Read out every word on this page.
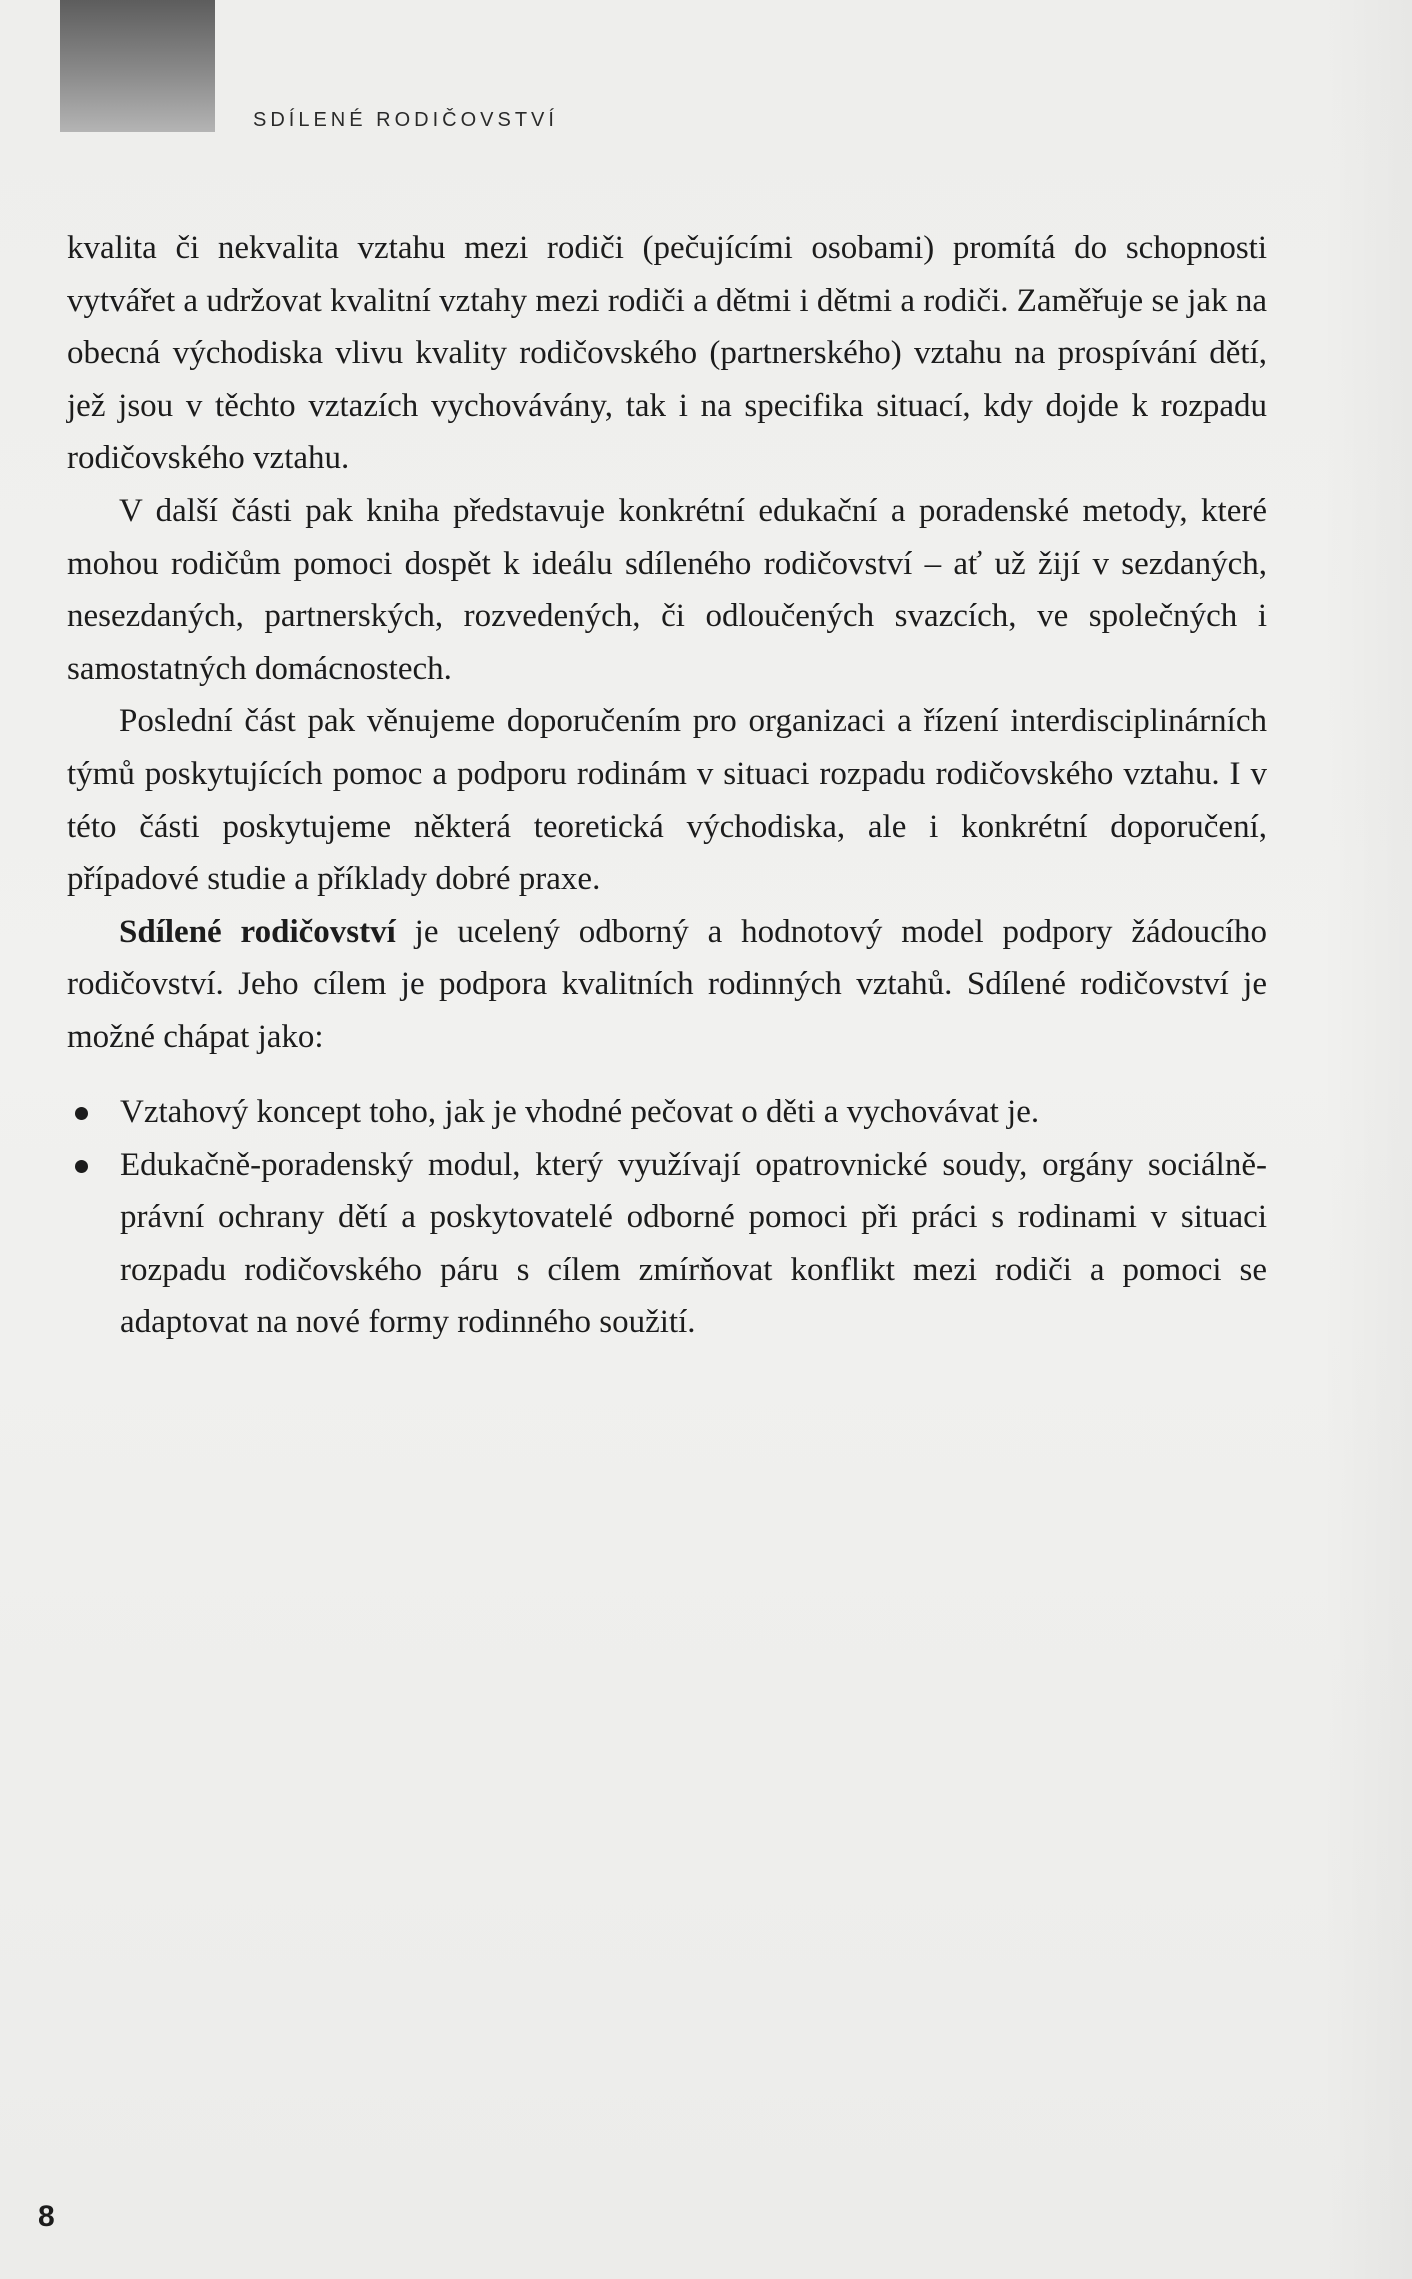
SDÍLENÉ RODIČOVSTVÍ

kvalita či nekvalita vztahu mezi rodiči (pečujícími osobami) promítá do schopnosti vytvářet a udržovat kvalitní vztahy mezi rodiči a dětmi i dětmi a rodiči. Zaměřuje se jak na obecná východiska vlivu kvality rodičovského (partnerského) vztahu na prospívání dětí, jež jsou v těchto vztazích vychovávány, tak i na specifika situací, kdy dojde k rozpadu rodičovského vztahu.

V další části pak kniha představuje konkrétní edukační a poradenské metody, které mohou rodičům pomoci dospět k ideálu sdíleného rodičovství – ať už žijí v sezdaných, nesezdaných, partnerských, rozvedených, či odloučených svazcích, ve společných i samostatných domácnostech.

Poslední část pak věnujeme doporučením pro organizaci a řízení interdisciplinárních týmů poskytujících pomoc a podporu rodinám v situaci rozpadu rodičovského vztahu. I v této části poskytujeme některá teoretická východiska, ale i konkrétní doporučení, případové studie a příklady dobré praxe.

Sdílené rodičovství je ucelený odborný a hodnotový model podpory žádoucího rodičovství. Jeho cílem je podpora kvalitních rodinných vztahů. Sdílené rodičovství je možné chápat jako:

Vztahový koncept toho, jak je vhodné pečovat o děti a vychovávat je.
Edukačně-poradenský modul, který využívají opatrovnické soudy, orgány sociálně-právní ochrany dětí a poskytovatelé odborné pomoci při práci s rodinami v situaci rozpadu rodičovského páru s cílem zmírňovat konflikt mezi rodiči a pomoci se adaptovat na nové formy rodinného soužití.
8
